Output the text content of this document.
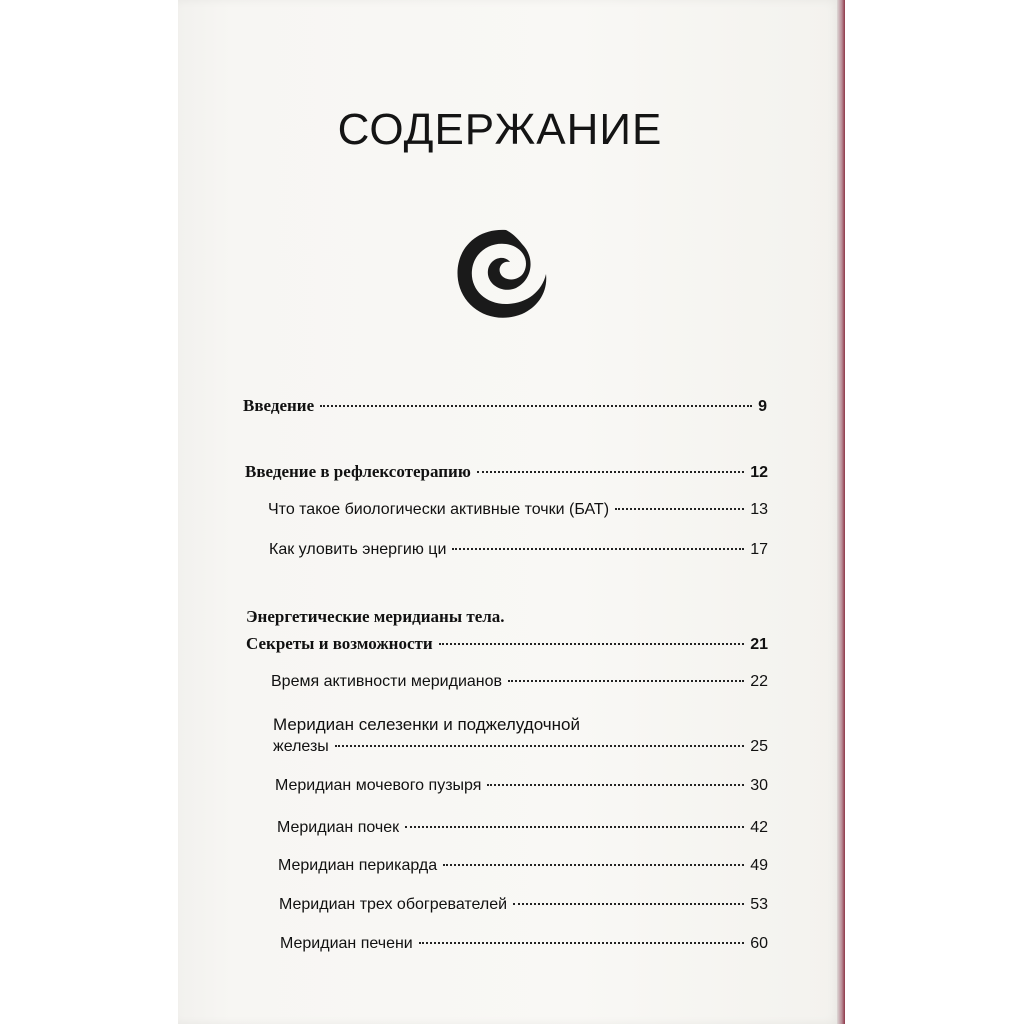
СОДЕРЖАНИЕ
Введение	9
Введение в рефлексотерапию	12
Что такое биологически активные точки (БАТ)	13
Как уловить энергию ци	17
Энергетические меридианы тела.
Секреты и возможности	21
Время активности меридианов	22
Меридиан селезенки и поджелудочной
железы	25
Меридиан мочевого пузыря	30
Меридиан почек	42
Меридиан перикарда	49
Меридиан трех обогревателей	53
Меридиан печени	60
